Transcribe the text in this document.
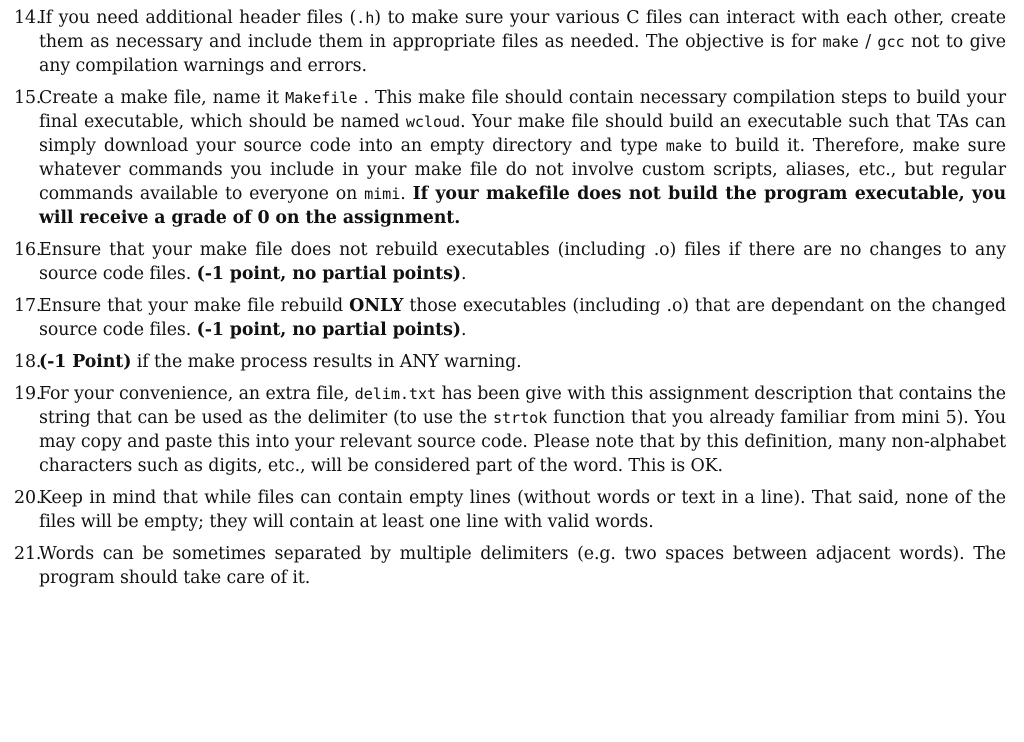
14.
If you need additional header files (.h) to make sure your various C files can interact with each other, create them as necessary and include them in appropriate files as needed. The objective is for make / gcc not to give any compilation warnings and errors.
15.
Create a make file, name it Makefile . This make file should contain necessary compilation steps to build your final executable, which should be named wcloud. Your make file should build an executable such that TAs can simply download your source code into an empty directory and type make to build it. Therefore, make sure whatever commands you include in your make file do not involve custom scripts, aliases, etc., but regular commands available to everyone on mimi. If your makefile does not build the program executable, you will receive a grade of 0 on the assignment.
16.
Ensure that your make file does not rebuild executables (including .o) files if there are no changes to any source code files. (-1 point, no partial points).
17.
Ensure that your make file rebuild ONLY those executables (including .o) that are dependant on the changed source code files. (-1 point, no partial points).
18.
(-1 Point) if the make process results in ANY warning.
19.
For your convenience, an extra file, delim.txt has been give with this assignment description that contains the string that can be used as the delimiter (to use the strtok function that you already familiar from mini 5). You may copy and paste this into your relevant source code. Please note that by this definition, many non-alphabet characters such as digits, etc., will be considered part of the word. This is OK.
20.
Keep in mind that while files can contain empty lines (without words or text in a line). That said, none of the files will be empty; they will contain at least one line with valid words.
21.
Words can be sometimes separated by multiple delimiters (e.g. two spaces between adjacent words). The program should take care of it.
